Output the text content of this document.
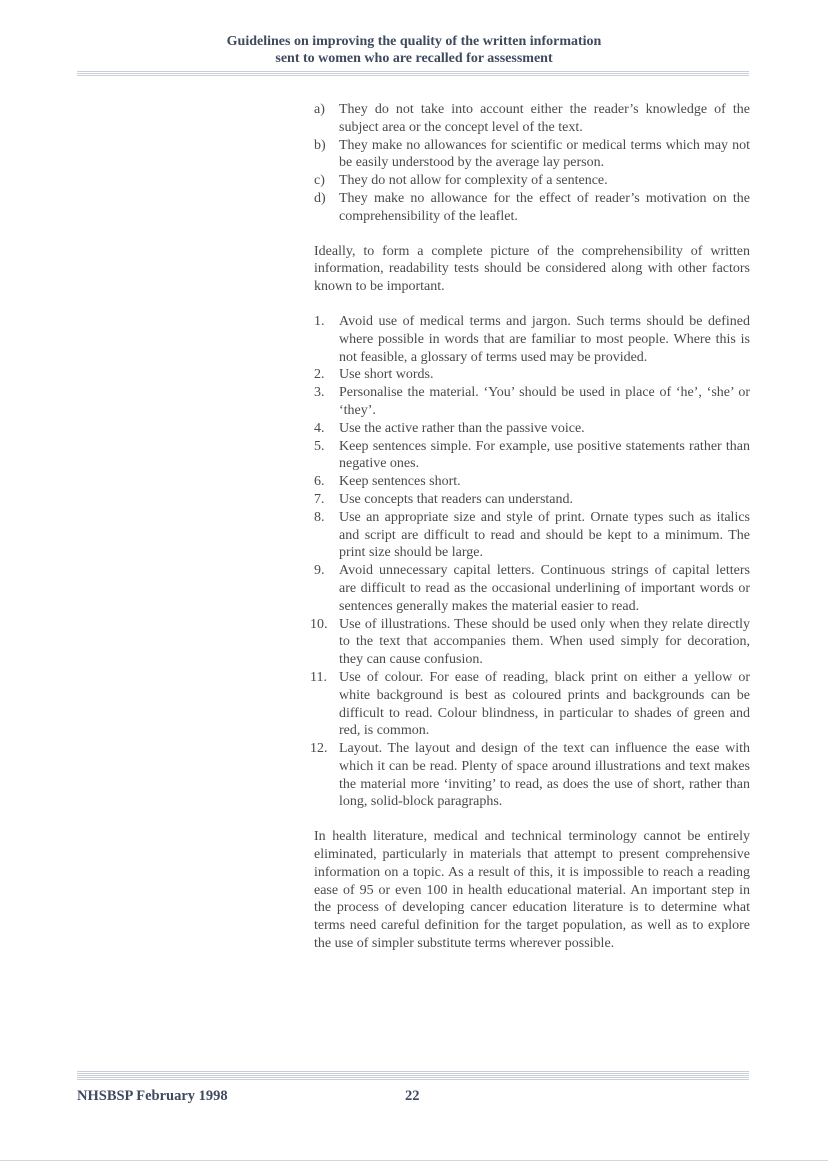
Guidelines on improving the quality of the written information
sent to women who are recalled for assessment
a) They do not take into account either the reader’s knowledge of the subject area or the concept level of the text.
b) They make no allowances for scientific or medical terms which may not be easily understood by the average lay person.
c) They do not allow for complexity of a sentence.
d) They make no allowance for the effect of reader’s motivation on the comprehensibility of the leaflet.

Ideally, to form a complete picture of the comprehensibility of written information, readability tests should be considered along with other factors known to be important.

1. Avoid use of medical terms and jargon. Such terms should be defined where possible in words that are familiar to most people. Where this is not feasible, a glossary of terms used may be provided.
2. Use short words.
3. Personalise the material. ‘You’ should be used in place of ‘he’, ‘she’ or ‘they’.
4. Use the active rather than the passive voice.
5. Keep sentences simple. For example, use positive statements rather than negative ones.
6. Keep sentences short.
7. Use concepts that readers can understand.
8. Use an appropriate size and style of print. Ornate types such as italics and script are difficult to read and should be kept to a minimum. The print size should be large.
9. Avoid unnecessary capital letters. Continuous strings of capital letters are difficult to read as the occasional underlining of important words or sentences generally makes the material easier to read.
10. Use of illustrations. These should be used only when they relate directly to the text that accompanies them. When used simply for decoration, they can cause confusion.
11. Use of colour. For ease of reading, black print on either a yellow or white background is best as coloured prints and backgrounds can be difficult to read. Colour blindness, in particular to shades of green and red, is common.
12. Layout. The layout and design of the text can influence the ease with which it can be read. Plenty of space around illustrations and text makes the material more ‘inviting’ to read, as does the use of short, rather than long, solid-block paragraphs.

In health literature, medical and technical terminology cannot be entirely eliminated, particularly in materials that attempt to present comprehensive information on a topic. As a result of this, it is impossible to reach a reading ease of 95 or even 100 in health educational material. An important step in the process of developing cancer education literature is to determine what terms need careful definition for the target population, as well as to explore the use of simpler substitute terms wherever possible.

NHSBSP February 1998	22
